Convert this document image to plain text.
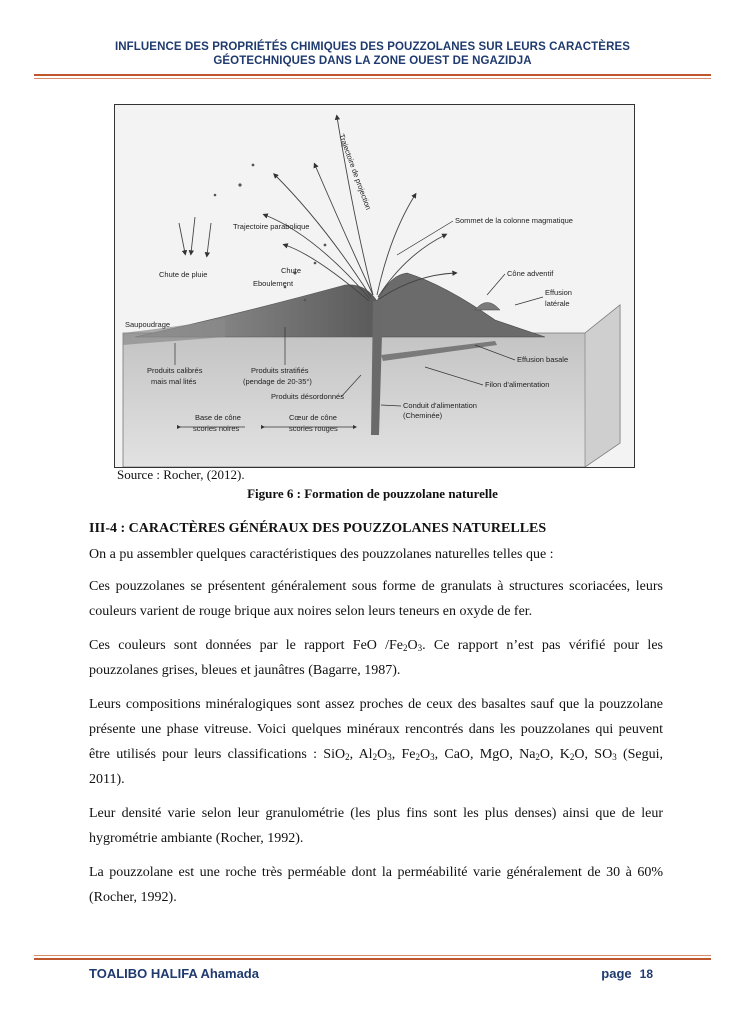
INFLUENCE DES PROPRIÉTÉS CHIMIQUES DES POUZZOLANES SUR LEURS CARACTÈRES
GÉOTECHNIQUES DANS LA ZONE OUEST DE NGAZIDJA
Trajectoire de projection
Trajectoire parabolique
Sommet de la colonne magmatique
Chute de pluie	Chute
Eboulement
Cône adventif
Effusion
latérale
Saupoudrage
Effusion basale
Produits calibrés
mais mal lités
Produits stratifiés
(pendage de 20-35°)	Filon d'alimentation
Produits désordonnés
Conduit d'alimentation
(Cheminée)
Base de cône
scories noires
Cœur de cône
scories rouges
Source : Rocher, (2012).
Figure 6 : Formation de pouzzolane naturelle

III-4 : CARACTÈRES GÉNÉRAUX DES POUZZOLANES NATURELLES

On a pu assembler quelques caractéristiques des pouzzolanes naturelles telles que :

Ces pouzzolanes se présentent généralement sous forme de granulats à structures scoriacées, leurs couleurs varient de rouge brique aux noires selon leurs teneurs en oxyde de fer.

Ces couleurs sont données par le rapport FeO $/Fe_2O_3$. Ce rapport n’est pas vérifié pour les pouzzolanes grises, bleues et jaunâtres (Bagarre, 1987).

Leurs compositions minéralogiques sont assez proches de ceux des basaltes sauf que la pouzzolane présente une phase vitreuse. Voici quelques minéraux rencontrés dans les pouzzolanes qui peuvent être utilisés pour leurs classifications : SiO$_2$, $Al_2O_3$, $Fe_2O_3$, CaO, MgO, $Na_2O$, $K_2O$, $SO_3$ (Segui, 2011).

Leur densité varie selon leur granulométrie (les plus fins sont les plus denses) ainsi que de leur hygrométrie ambiante (Rocher, 1992).

La pouzzolane est une roche très perméable dont la perméabilité varie généralement de 30 à 60% (Rocher, 1992).

TOALIBO HALIFA Ahamada	page 18
